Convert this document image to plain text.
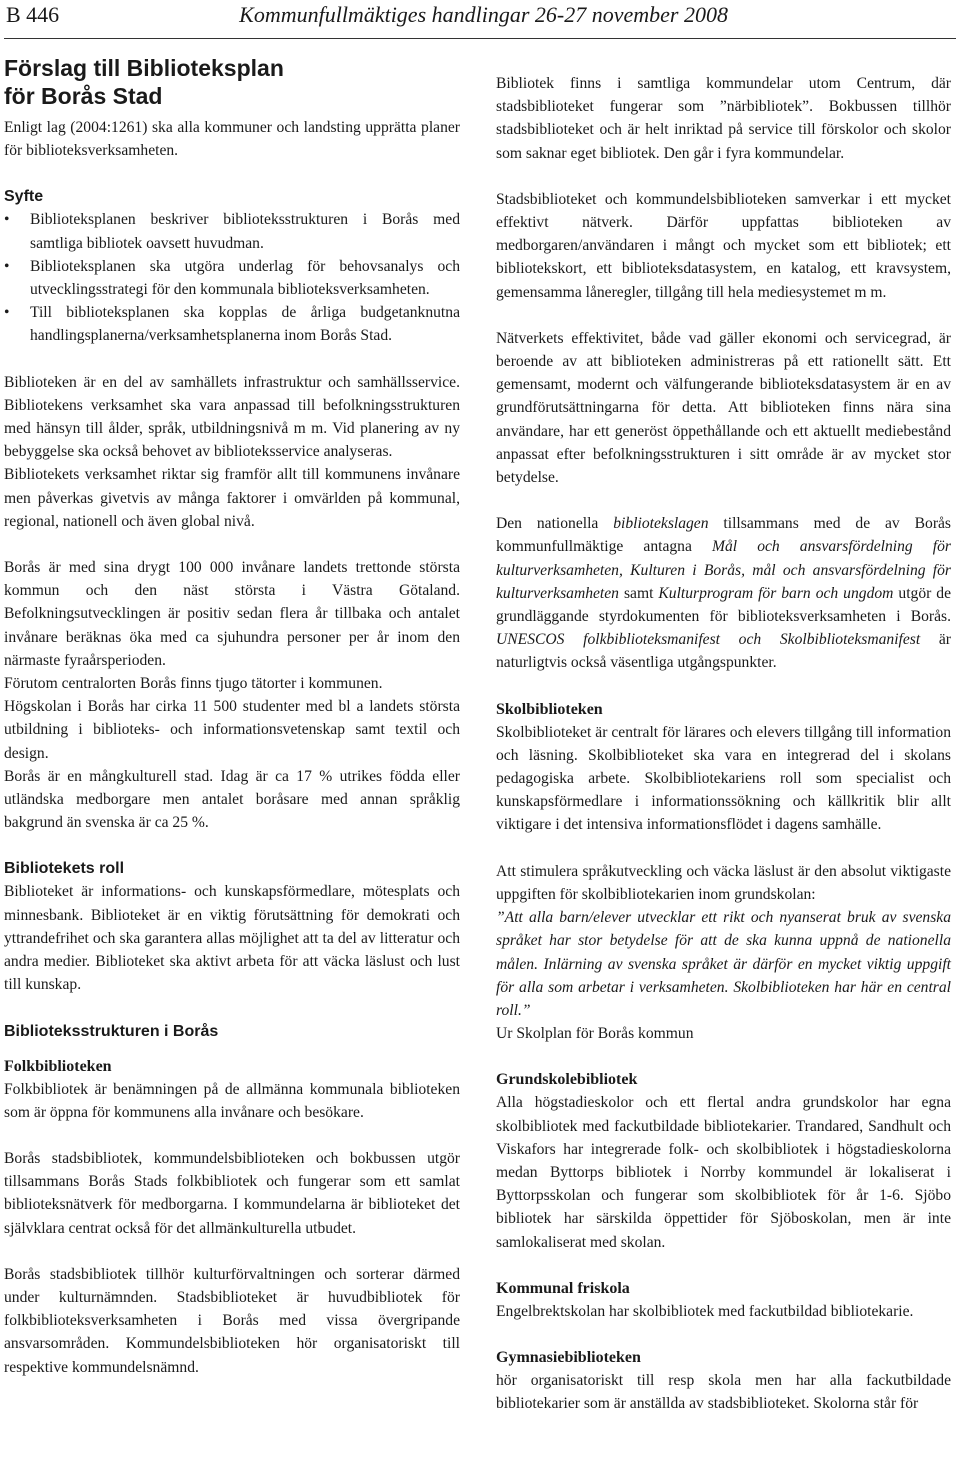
B 446	Kommunfullmäktiges handlingar 26-27 november 2008
Förslag till Biblioteksplan
för Borås Stad

Enligt lag (2004:1261) ska alla kommuner och landsting upprätta planer för biblioteksverksamheten.

Syfte
• Biblioteksplanen beskriver biblioteksstrukturen i Borås med samtliga bibliotek oavsett huvudman.
• Biblioteksplanen ska utgöra underlag för behovsanalys och utvecklingsstrategi för den kommunala biblioteksverksamheten.
• Till biblioteksplanen ska kopplas de årliga budgetanknutna handlingsplanerna/verksamhetsplanerna inom Borås Stad.

Biblioteken är en del av samhällets infrastruktur och samhällsservice. Bibliotekens verksamhet ska vara anpassad till befolkningsstrukturen med hänsyn till ålder, språk, utbildningsnivå m m. Vid planering av ny bebyggelse ska också behovet av biblioteksservice analyseras.

Bibliotekets verksamhet riktar sig framför allt till kommunens invånare men påverkas givetvis av många faktorer i omvärlden på kommunal, regional, nationell och även global nivå.

Borås är med sina drygt 100 000 invånare landets trettonde största kommun och den näst största i Västra Götaland. Befolkningsutvecklingen är positiv sedan flera år tillbaka och antalet invånare beräknas öka med ca sjuhundra personer per år inom den närmaste fyraårsperioden.

Förutom centralorten Borås finns tjugo tätorter i kommunen.

Högskolan i Borås har cirka 11 500 studenter med bl a landets största utbildning i biblioteks- och informationsvetenskap samt textil och design.

Borås är en mångkulturell stad. Idag är ca 17 % utrikes födda eller utländska medborgare men antalet boråsare med annan språklig bakgrund än svenska är ca 25 %.

Bibliotekets roll

Biblioteket är informations- och kunskapsförmedlare, mötesplats och minnesbank. Biblioteket är en viktig förutsättning för demokrati och yttrandefrihet och ska garantera allas möjlighet att ta del av litteratur och andra medier. Biblioteket ska aktivt arbeta för att väcka läslust och lust till kunskap.

Biblioteksstrukturen i Borås
Folkbiblioteken

Folkbibliotek är benämningen på de allmänna kommunala biblioteken som är öppna för kommunens alla invånare och besökare.

Borås stadsbibliotek, kommundelsbiblioteken och bokbussen utgör tillsammans Borås Stads folkbibliotek och fungerar som ett samlat biblioteksnätverk för medborgarna. I kommundelarna är biblioteket det självklara centrat också för det allmänkulturella utbudet.

Borås stadsbibliotek tillhör kulturförvaltningen och sorterar därmed under kulturnämnden. Stadsbiblioteket är huvudbibliotek för folkbiblioteksverksamheten i Borås med vissa övergripande ansvarsområden. Kommundelsbiblioteken hör organisatoriskt till respektive kommundelsnämnd.

Bibliotek finns i samtliga kommundelar utom Centrum, där stadsbiblioteket fungerar som ”närbibliotek”. Bokbussen tillhör stadsbiblioteket och är helt inriktad på service till förskolor och skolor som saknar eget bibliotek. Den går i fyra kommundelar.

Stadsbiblioteket och kommundelsbiblioteken samverkar i ett mycket effektivt nätverk. Därför uppfattas biblioteken av medborgaren/användaren i mångt och mycket som ett bibliotek; ett bibliotekskort, ett biblioteksdatasystem, en katalog, ett kravsystem, gemensamma låneregler, tillgång till hela mediesystemet m m.

Nätverkets effektivitet, både vad gäller ekonomi och servicegrad, är beroende av att biblioteken administreras på ett rationellt sätt. Ett gemensamt, modernt och välfungerande biblioteksdatasystem är en av grundförutsättningarna för detta. Att biblioteken finns nära sina användare, har ett generöst öppethållande och ett aktuellt mediebestånd anpassat efter befolkningsstrukturen i sitt område är av mycket stor betydelse.

Den nationella bibliotekslagen tillsammans med de av Borås kommunfullmäktige antagna Mål och ansvarsfördelning för kulturverksamheten, Kulturen i Borås, mål och ansvarsfördelning för kulturverksamheten samt Kulturprogram för barn och ungdom utgör de grundläggande styrdokumenten för biblioteksverksamheten i Borås. UNESCOS folkbiblioteksmanifest och Skolbiblioteksmanifest är naturligtvis också väsentliga utgångspunkter.

Skolbiblioteken

Skolbiblioteket är centralt för lärares och elevers tillgång till information och läsning. Skolbiblioteket ska vara en integrerad del i skolans pedagogiska arbete. Skolbibliotekariens roll som specialist och kunskapsförmedlare i informationssökning och källkritik blir allt viktigare i det intensiva informationsflödet i dagens samhälle.

Att stimulera språkutveckling och väcka läslust är den absolut viktigaste uppgiften för skolbibliotekarien inom grundskolan:

”Att alla barn/elever utvecklar ett rikt och nyanserat bruk av svenska språket har stor betydelse för att de ska kunna uppnå de nationella målen. Inlärning av svenska språket är därför en mycket viktig uppgift för alla som arbetar i verksamheten. Skolbiblioteken har här en central roll.”

Ur Skolplan för Borås kommun

Grundskolebibliotek

Alla högstadieskolor och ett flertal andra grundskolor har egna skolbibliotek med fackutbildade bibliotekarier. Trandared, Sandhult och Viskafors har integrerade folk- och skolbibliotek i högstadieskolorna medan Byttorps bibliotek i Norrby kommundel är lokaliserat i Byttorpsskolan och fungerar som skolbibliotek för år 1-6. Sjöbo bibliotek har särskilda öppettider för Sjöboskolan, men är inte samlokaliserat med skolan.

Kommunal friskola

Engelbrektskolan har skolbibliotek med fackutbildad bibliotekarie.

Gymnasiebiblioteken

hör organisatoriskt till resp skola men har alla fackutbildade bibliotekarier som är anställda av stadsbiblioteket. Skolorna står för
